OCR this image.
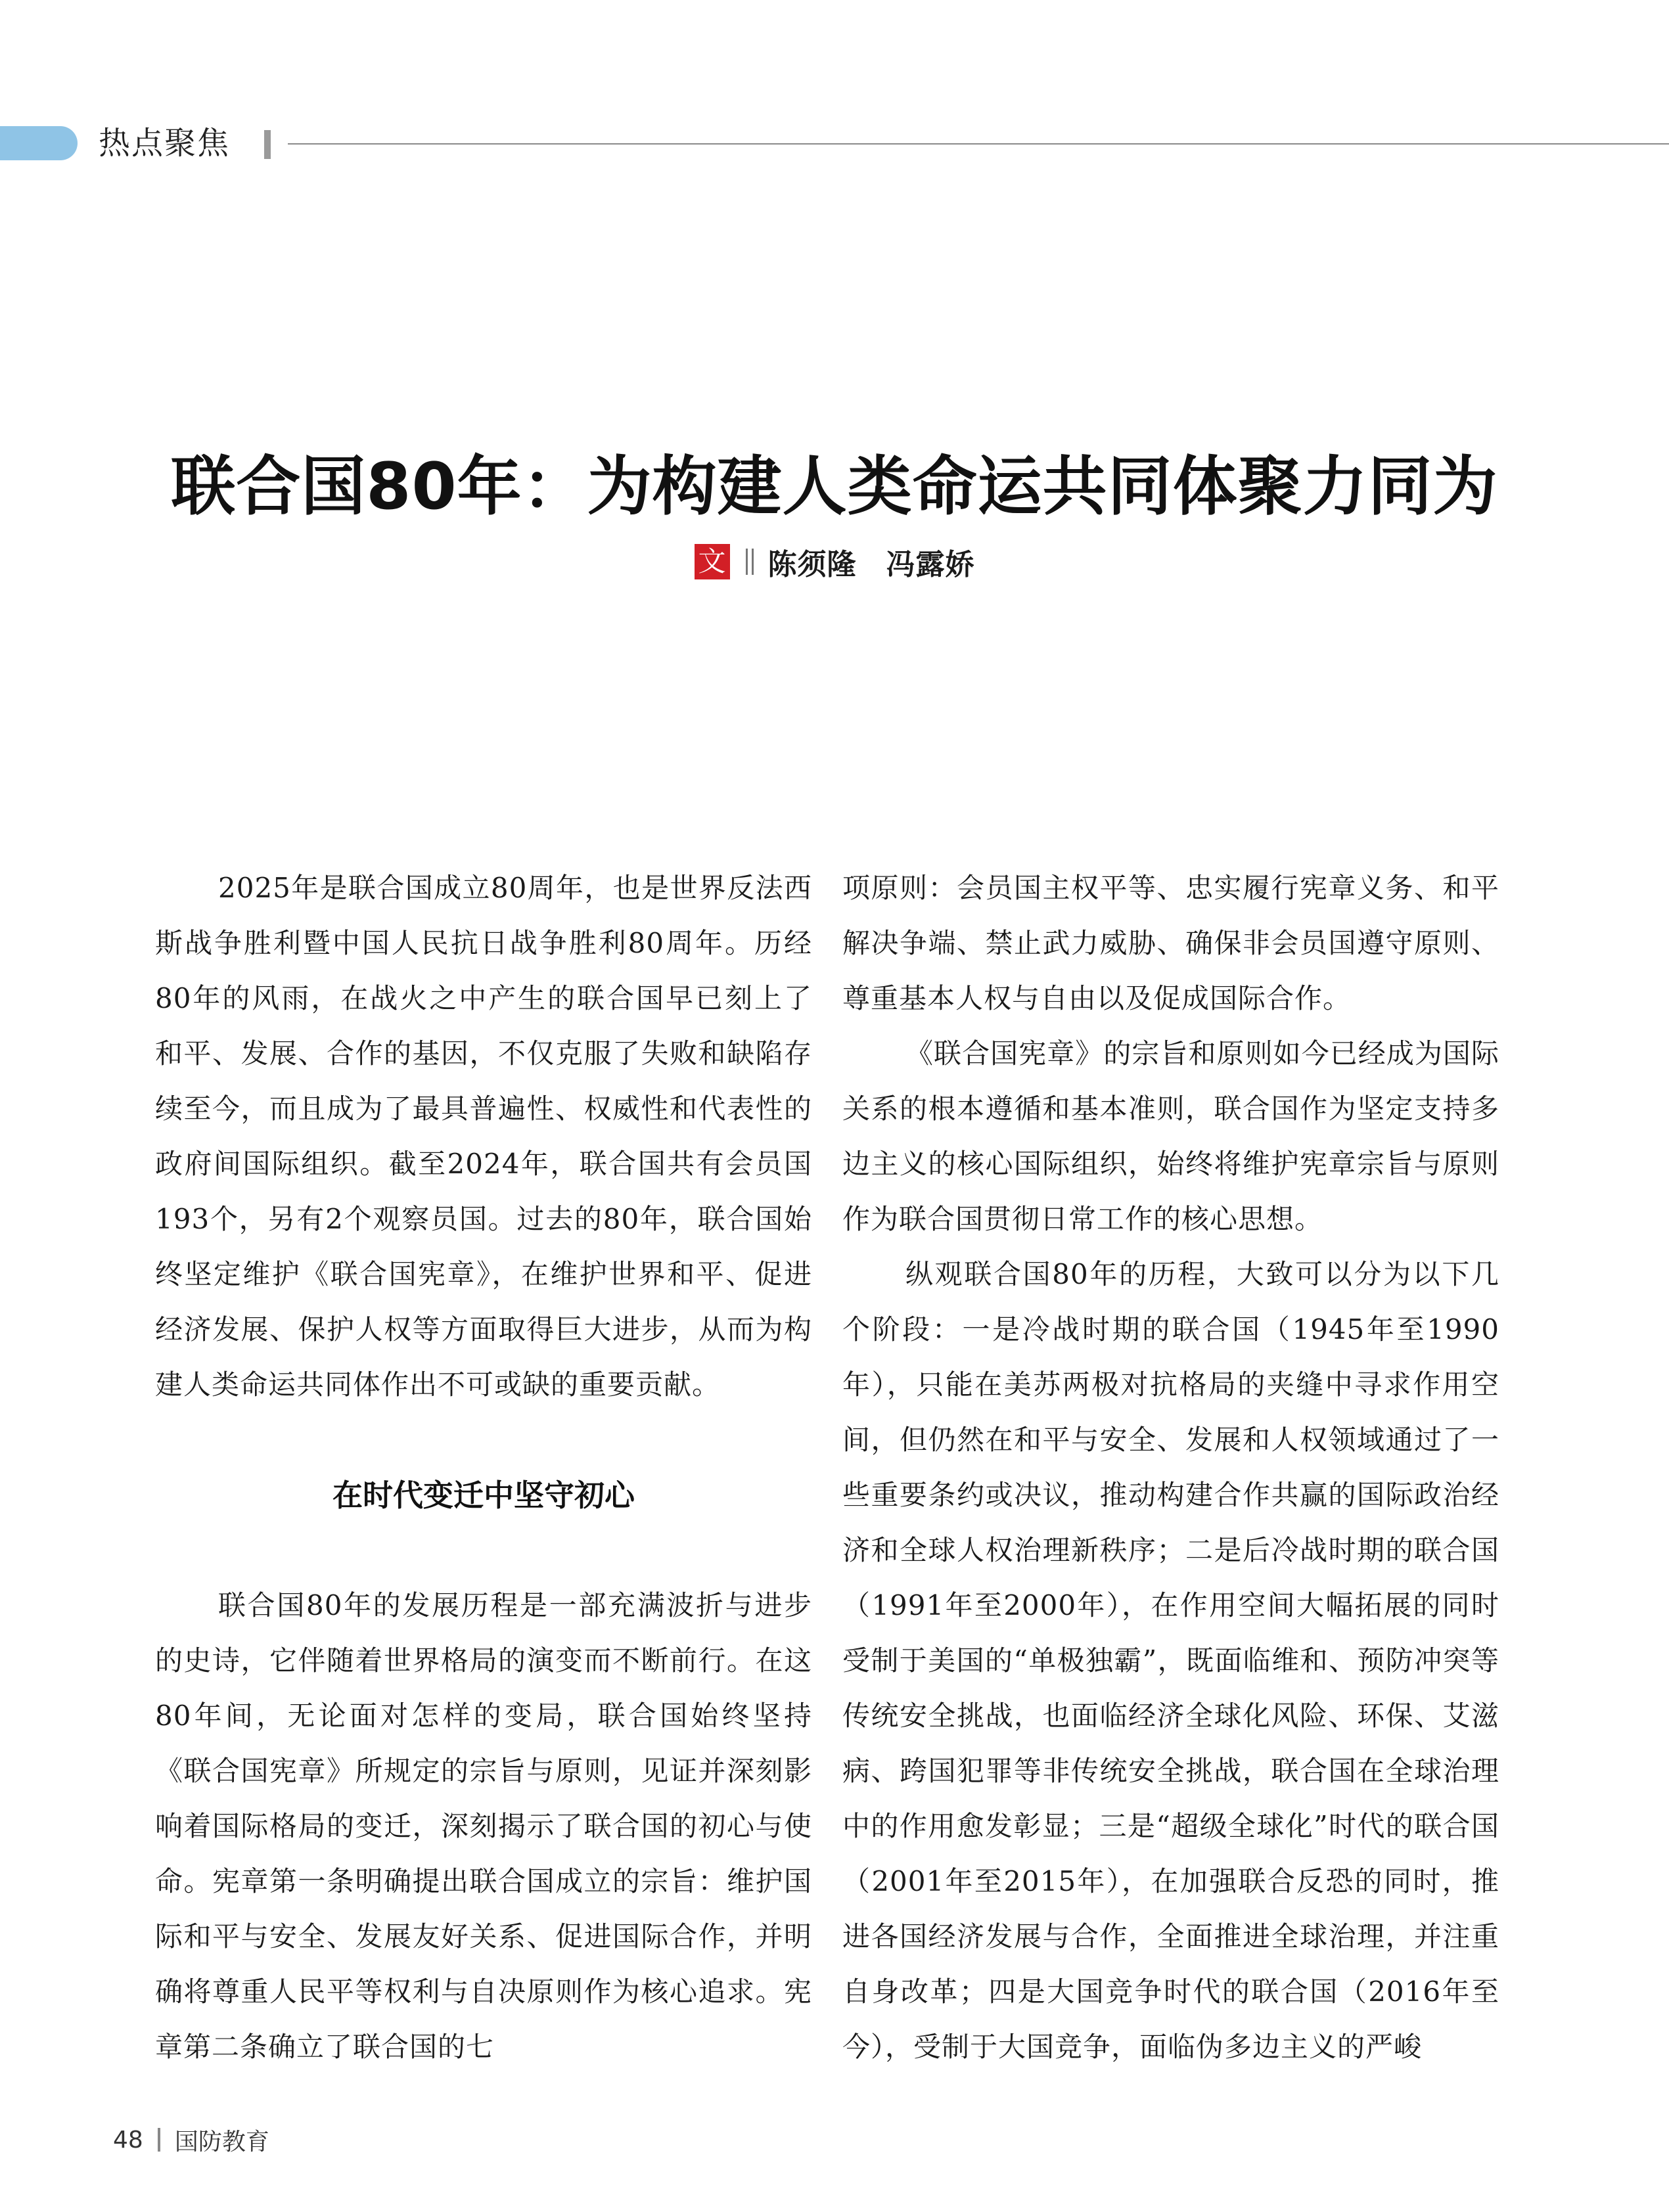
热点聚焦
联合国80年：为构建人类命运共同体聚力同为
文 陈须隆　冯露娇

2025年是联合国成立80周年，也是世界反法西斯战争胜利暨中国人民抗日战争胜利80周年。历经80年的风雨，在战火之中产生的联合国早已刻上了和平、发展、合作的基因，不仅克服了失败和缺陷存续至今，而且成为了最具普遍性、权威性和代表性的政府间国际组织。截至2024年，联合国共有会员国193个，另有2个观察员国。过去的80年，联合国始终坚定维护《联合国宪章》，在维护世界和平、促进经济发展、保护人权等方面取得巨大进步，从而为构建人类命运共同体作出不可或缺的重要贡献。

在时代变迁中坚守初心

联合国80年的发展历程是一部充满波折与进步的史诗，它伴随着世界格局的演变而不断前行。在这80年间，无论面对怎样的变局，联合国始终坚持《联合国宪章》所规定的宗旨与原则，见证并深刻影响着国际格局的变迁，深刻揭示了联合国的初心与使命。宪章第一条明确提出联合国成立的宗旨：维护国际和平与安全、发展友好关系、促进国际合作，并明确将尊重人民平等权利与自决原则作为核心追求。宪章第二条确立了联合国的七

项原则：会员国主权平等、忠实履行宪章义务、和平解决争端、禁止武力威胁、确保非会员国遵守原则、尊重基本人权与自由以及促成国际合作。

《联合国宪章》的宗旨和原则如今已经成为国际关系的根本遵循和基本准则，联合国作为坚定支持多边主义的核心国际组织，始终将维护宪章宗旨与原则作为联合国贯彻日常工作的核心思想。

纵观联合国80年的历程，大致可以分为以下几个阶段：一是冷战时期的联合国（1945年至1990年），只能在美苏两极对抗格局的夹缝中寻求作用空间，但仍然在和平与安全、发展和人权领域通过了一些重要条约或决议，推动构建合作共赢的国际政治经济和全球人权治理新秩序；二是后冷战时期的联合国（1991年至2000年），在作用空间大幅拓展的同时受制于美国的“单极独霸”，既面临维和、预防冲突等传统安全挑战，也面临经济全球化风险、环保、艾滋病、跨国犯罪等非传统安全挑战，联合国在全球治理中的作用愈发彰显；三是“超级全球化”时代的联合国（2001年至2015年），在加强联合反恐的同时，推进各国经济发展与合作，全面推进全球治理，并注重自身改革；四是大国竞争时代的联合国（2016年至今），受制于大国竞争，面临伪多边主义的严峻

48 国防教育
